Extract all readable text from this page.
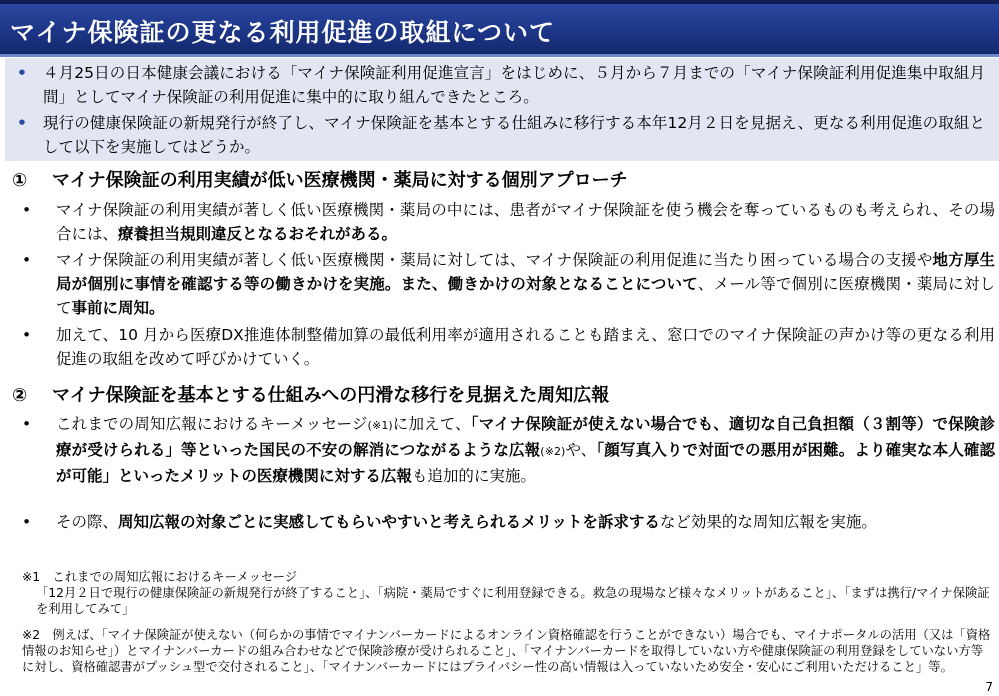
マイナ保険証の更なる利用促進の取組について
•	４月25日の日本健康会議における「マイナ保険証利用促進宣言」をはじめに、５月から７月までの「マイナ保険証利用促進集中取組月間」としてマイナ保険証の利用促進に集中的に取り組んできたところ。
•	現行の健康保険証の新規発行が終了し、マイナ保険証を基本とする仕組みに移行する本年12月２日を見据え、更なる利用促進の取組として以下を実施してはどうか。
① マイナ保険証の利用実績が低い医療機関・薬局に対する個別アプローチ
•	マイナ保険証の利用実績が著しく低い医療機関・薬局の中には、患者がマイナ保険証を使う機会を奪っているものも考えられ、その場合には、療養担当規則違反となるおそれがある。
•	マイナ保険証の利用実績が著しく低い医療機関・薬局に対しては、マイナ保険証の利用促進に当たり困っている場合の支援や地方厚生局が個別に事情を確認する等の働きかけを実施。また、働きかけの対象となることについて、メール等で個別に医療機関・薬局に対して事前に周知。
•	加えて、10 月から医療DX推進体制整備加算の最低利用率が適用されることも踏まえ、窓口でのマイナ保険証の声かけ等の更なる利用促進の取組を改めて呼びかけていく。
② マイナ保険証を基本とする仕組みへの円滑な移行を見据えた周知広報
•	これまでの周知広報におけるキーメッセージ(※1)に加えて、「マイナ保険証が使えない場合でも、適切な自己負担額（３割等）で保険診療が受けられる」等といった国民の不安の解消につながるような広報(※2)や、「顔写真入りで対面での悪用が困難。より確実な本人確認が可能」といったメリットの医療機関に対する広報も追加的に実施。
•	その際、周知広報の対象ごとに実感してもらいやすいと考えられるメリットを訴求するなど効果的な周知広報を実施。
※1　これまでの周知広報におけるキーメッセージ
「12月２日で現行の健康保険証の新規発行が終了すること」、「病院・薬局ですぐに利用登録できる。救急の現場など様々なメリットがあること」、「まずは携行/マイナ保険証を利用してみて」
※2　例えば、「マイナ保険証が使えない（何らかの事情でマイナンバーカードによるオンライン資格確認を行うことができない）場合でも、マイナポータルの活用（又は「資格情報のお知らせ」）とマイナンバーカードの組み合わせなどで保険診療が受けられること」、「マイナンバーカードを取得していない方や健康保険証の利用登録をしていない方等に対し、資格確認書がプッシュ型で交付されること」、「マイナンバーカードにはプライバシー性の高い情報は入っていないため安全・安心にご利用いただけること」等。
7
